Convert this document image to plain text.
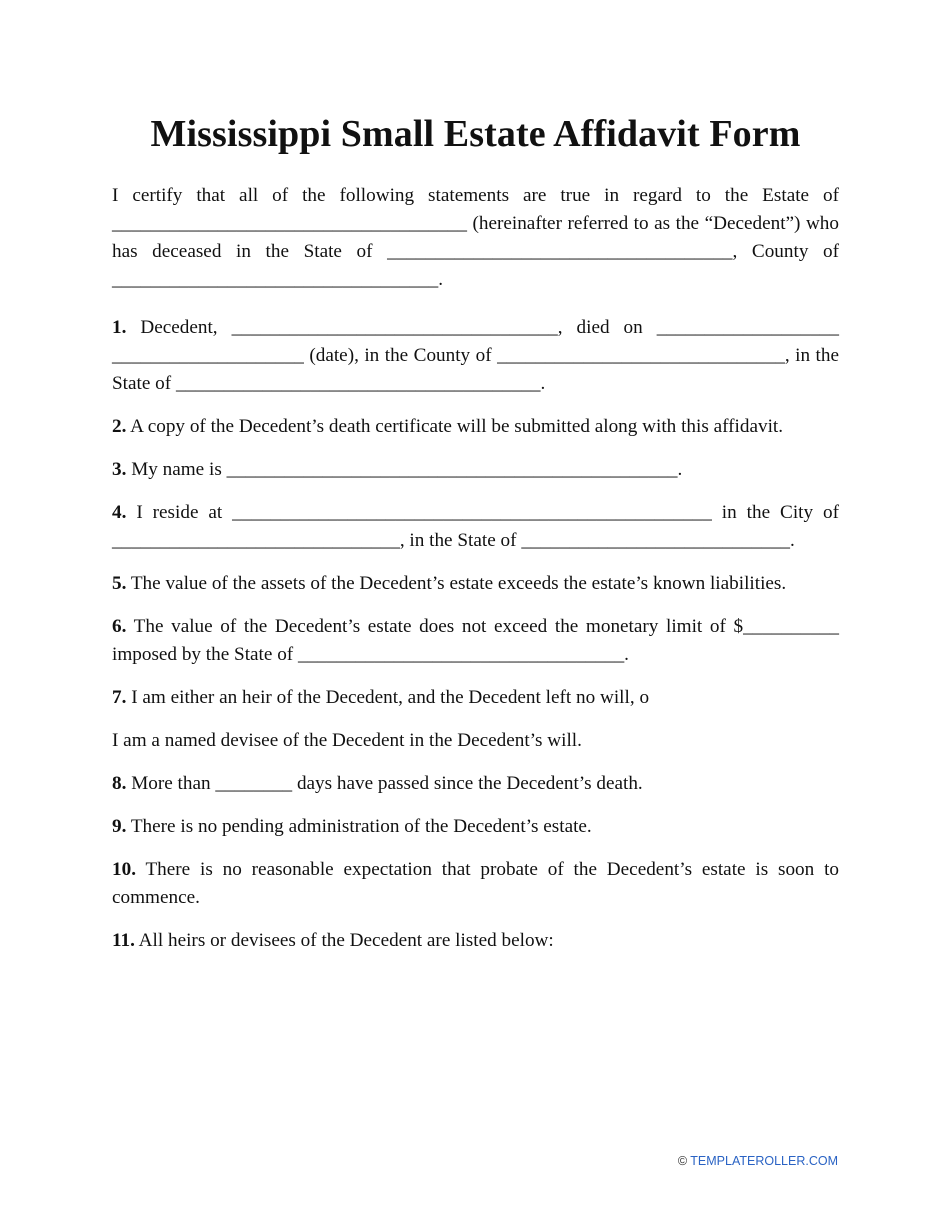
Mississippi Small Estate Affidavit Form

I certify that all of the following statements are true in regard to the Estate of _____________________________________ (hereinafter referred to as the “Decedent”) who has deceased in the State of ____________________________________, County of __________________________________.

1. Decedent, __________________________________, died on ___________________ ____________________ (date), in the County of ______________________________, in the State of ______________________________________.

2. A copy of the Decedent’s death certificate will be submitted along with this affidavit.

3. My name is _______________________________________________.

4. I reside at __________________________________________________ in the City of ______________________________, in the State of ____________________________.

5. The value of the assets of the Decedent’s estate exceeds the estate’s known liabilities.

6. The value of the Decedent’s estate does not exceed the monetary limit of $__________ imposed by the State of __________________________________.

7. I am either an heir of the Decedent, and the Decedent left no will, o

I am a named devisee of the Decedent in the Decedent’s will.

8. More than ________ days have passed since the Decedent’s death.

9. There is no pending administration of the Decedent’s estate.

10. There is no reasonable expectation that probate of the Decedent’s estate is soon to commence.

11. All heirs or devisees of the Decedent are listed below:

© TEMPLATEROLLER.COM
